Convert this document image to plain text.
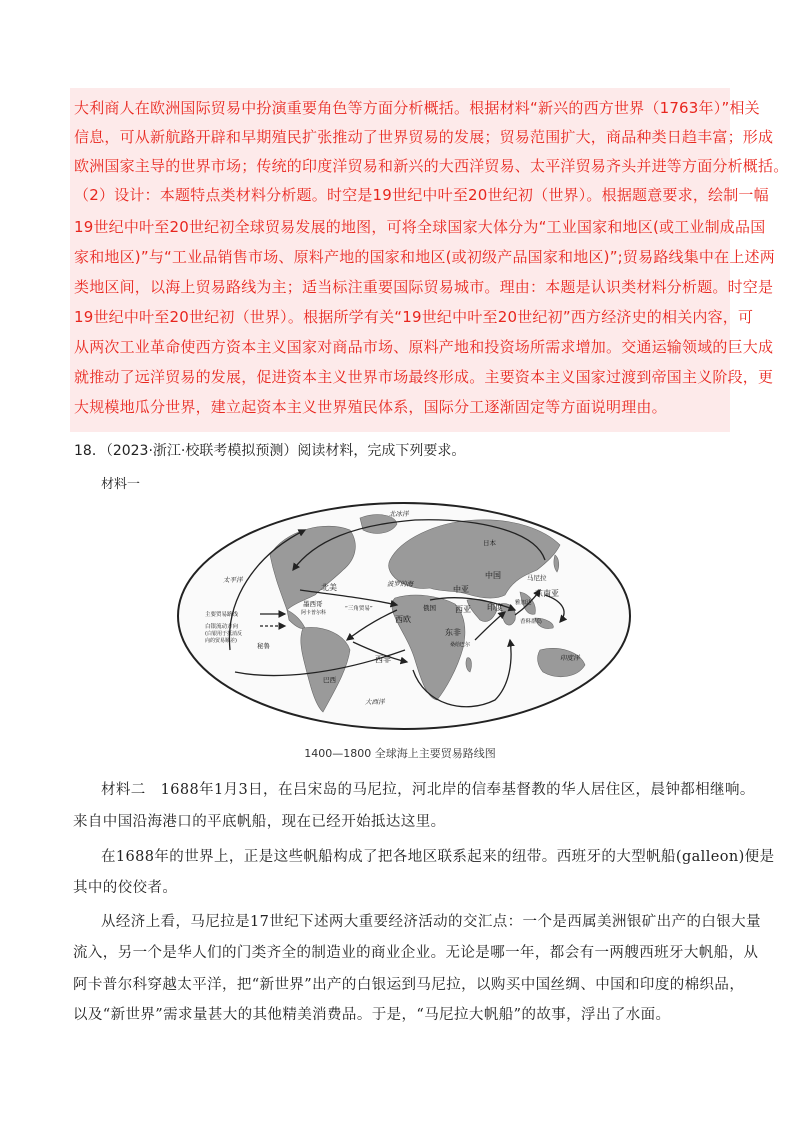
大利商人在欧洲国际贸易中扮演重要角色等方面分析概括。根据材料“新兴的西方世界（1763年）”相关
信息，可从新航路开辟和早期殖民扩张推动了世界贸易的发展；贸易范围扩大，商品种类日趋丰富；形成
欧洲国家主导的世界市场；传统的印度洋贸易和新兴的大西洋贸易、太平洋贸易齐头并进等方面分析概括。
（2）设计：本题特点类材料分析题。时空是19世纪中叶至20世纪初（世界）。根据题意要求，绘制一幅
19世纪中叶至20世纪初全球贸易发展的地图，可将全球国家大体分为“工业国家和地区(或工业制成品国
家和地区)”与“工业品销售市场、原料产地的国家和地区(或初级产品国家和地区)”;贸易路线集中在上述两
类地区间，以海上贸易路线为主；适当标注重要国际贸易城市。理由：本题是认识类材料分析题。时空是
19世纪中叶至20世纪初（世界）。根据所学有关“19世纪中叶至20世纪初”西方经济史的相关内容，可
从两次工业革命使西方资本主义国家对商品市场、原料产地和投资场所需求增加。交通运输领域的巨大成
就推动了远洋贸易的发展，促进资本主义世界市场最终形成。主要资本主义国家过渡到帝国主义阶段，更
大规模地瓜分世界，建立起资本主义世界殖民体系，国际分工逐渐固定等方面说明理由。
18．（2023·浙江·校联考模拟预测）阅读材料，完成下列要求。
材料一
太平洋
北冰洋
日本
北美
墨西哥
阿卡普尔科
“三角贸易”
波罗的海
俄国
中亚
中国	马尼拉
东南亚
西欧
西亚 印度 雅加达
香料群岛
西非
东非
桑给巴尔
秘鲁
巴西
大西洋
印度洋
主要贸易路线
白银流动方向
(白银用于抵消反
向的贸易顺差)
1400—1800 全球海上主要贸易路线图
材料二　1688年1月3日，在吕宋岛的马尼拉，河北岸的信奉基督教的华人居住区，晨钟都相继响。
来自中国沿海港口的平底帆船，现在已经开始抵达这里。
在1688年的世界上，正是这些帆船构成了把各地区联系起来的纽带。西班牙的大型帆船(galleon)便是
其中的佼佼者。
从经济上看，马尼拉是17世纪下述两大重要经济活动的交汇点：一个是西属美洲银矿出产的白银大量
流入，另一个是华人们的门类齐全的制造业的商业企业。无论是哪一年，都会有一两艘西班牙大帆船，从
阿卡普尔科穿越太平洋，把“新世界”出产的白银运到马尼拉，以购买中国丝绸、中国和印度的棉织品，
以及“新世界”需求量甚大的其他精美消费品。于是，“马尼拉大帆船”的故事，浮出了水面。
